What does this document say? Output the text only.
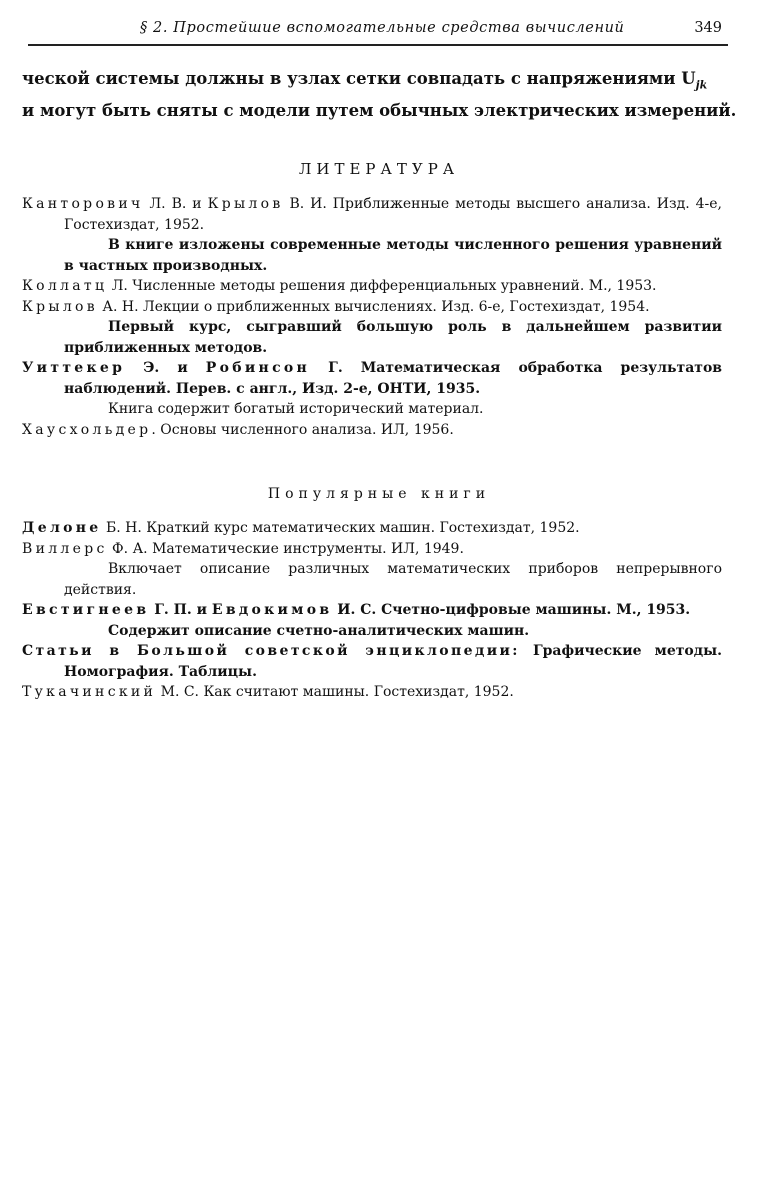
§ 2. Простейшие вспомогательные средства вычислений	349
ческой системы должны в узлах сетки совпадать с напряжениями $U_{jk}$
и могут быть сняты с модели путем обычных электрических измерений.
ЛИТЕРАТУРА
Канторович Л. В. и Крылов В. И. Приближенные методы высшего анализа. Изд. 4-е, Гостехиздат, 1952.
В книге изложены современные методы численного решения уравнений в частных производных.
Коллатц Л. Численные методы решения дифференциальных уравнений. М., 1953.
Крылов А. Н. Лекции о приближенных вычислениях. Изд. 6-е, Гостехиздат, 1954.
Первый курс, сыгравший большую роль в дальнейшем развитии приближенных методов.
Уиттекер Э. и Робинсон Г. Математическая обработка результатов наблюдений. Перев. с англ., Изд. 2-е, ОНТИ, 1935.
Книга содержит богатый исторический материал.
Хаусхольдер. Основы численного анализа. ИЛ, 1956.
Популярные книги
Делоне Б. Н. Краткий курс математических машин. Гостехиздат, 1952.
Виллерс Ф. А. Математические инструменты. ИЛ, 1949.
Включает описание различных математических приборов непрерывного действия.
Евстигнеев Г. П. и Евдокимов И. С. Счетно-цифровые машины. М., 1953.
Содержит описание счетно-аналитических машин.
Статьи в Большой советской энциклопедии: Графические методы. Номография. Таблицы.
Тукачинский М. С. Как считают машины. Гостехиздат, 1952.
